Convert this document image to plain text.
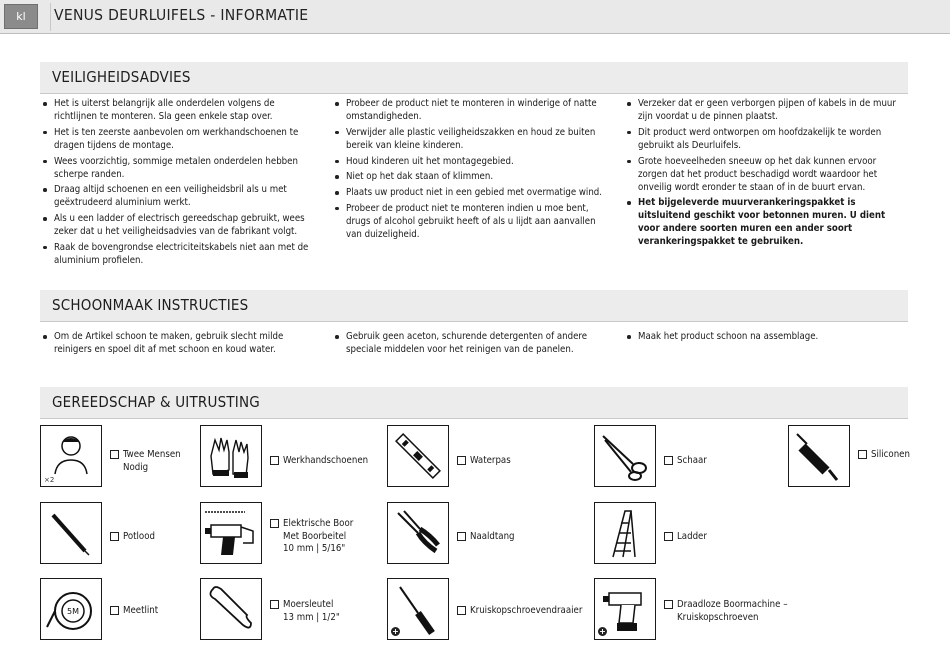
kl	VENUS DEURLUIFELS - INFORMATIE
VEILIGHEIDSADVIES
Het is uiterst belangrijk alle onderdelen volgens de richtlijnen te monteren. Sla geen enkele stap over.
Het is ten zeerste aanbevolen om werkhandschoenen te dragen tijdens de montage.
Wees voorzichtig, sommige metalen onderdelen hebben scherpe randen.
Draag altijd schoenen en een veiligheidsbril als u met geëxtrudeerd aluminium werkt.
Als u een ladder of electrisch gereedschap gebruikt, wees zeker dat u het veiligheidsadvies van de fabrikant volgt.
Raak de bovengrondse electriciteitskabels niet aan met de aluminium profielen.
Probeer de product niet te monteren in winderige of natte omstandigheden.
Verwijder alle plastic veiligheidszakken en houd ze buiten bereik van kleine kinderen.
Houd kinderen uit het montagegebied.
Niet op het dak staan of klimmen.
Plaats uw product niet in een gebied met overmatige wind.
Probeer de product niet te monteren indien u moe bent, drugs of alcohol gebruikt heeft of als u lijdt aan aanvallen van duizeligheid.
Verzeker dat er geen verborgen pijpen of kabels in de muur zijn voordat u de pinnen plaatst.
Dit product werd ontworpen om hoofdzakelijk te worden gebruikt als Deurluifels.
Grote hoeveelheden sneeuw op het dak kunnen ervoor zorgen dat het product beschadigd wordt waardoor het onveilig wordt eronder te staan of in de buurt ervan.
Het bijgeleverde muurverankeringspakket is uitsluitend geschikt voor betonnen muren. U dient voor andere soorten muren een ander soort verankeringspakket te gebruiken.
SCHOONMAAK INSTRUCTIES
Om de Artikel schoon te maken, gebruik slecht milde reinigers en spoel dit af met schoon en koud water.
Gebruik geen aceton, schurende detergenten of andere speciale middelen voor het reinigen van de panelen.
Maak het product schoon na assemblage.
GEREEDSCHAP & UITRUSTING
×2
Twee Mensen
Nodig
Werkhandschoenen	Waterpas	Schaar
Siliconen
Potlood
Elektrische Boor
Met Boorbeitel
10 mm | 5/16"
Naaldtang	Ladder
5M	Meetlint
Moersleutel
13 mm | 1/2"
+
Kruiskopschroevendraaier
+
Draadloze Boormachine –
Kruiskopschroeven
